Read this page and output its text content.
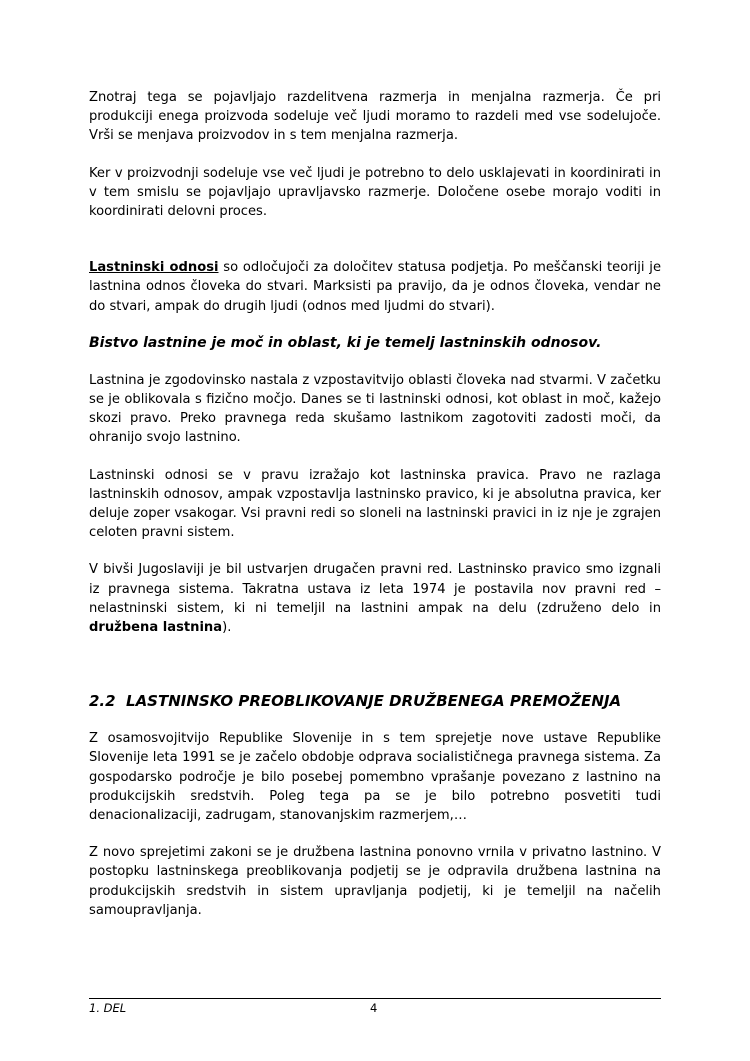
Znotraj tega se pojavljajo razdelitvena razmerja in menjalna razmerja. Če pri produkciji enega proizvoda sodeluje več ljudi moramo to razdeli med vse sodelujoče. Vrši se menjava proizvodov in s tem menjalna razmerja.

Ker v proizvodnji sodeluje vse več ljudi je potrebno to delo usklajevati in koordinirati in v tem smislu se pojavljajo upravljavsko razmerje. Določene osebe morajo voditi in koordinirati delovni proces.

Lastninski odnosi so odločujoči za določitev statusa podjetja. Po meščanski teoriji je lastnina odnos človeka do stvari. Marksisti pa pravijo, da je odnos človeka, vendar ne do stvari, ampak do drugih ljudi (odnos med ljudmi do stvari).

Bistvo lastnine je moč in oblast, ki je temelj lastninskih odnosov.

Lastnina je zgodovinsko nastala z vzpostavitvijo oblasti človeka nad stvarmi. V začetku se je oblikovala s fizično močjo. Danes se ti lastninski odnosi, kot oblast in moč, kažejo skozi pravo. Preko pravnega reda skušamo lastnikom zagotoviti zadosti moči, da ohranijo svojo lastnino.

Lastninski odnosi se v pravu izražajo kot lastninska pravica. Pravo ne razlaga lastninskih odnosov, ampak vzpostavlja lastninsko pravico, ki je absolutna pravica, ker deluje zoper vsakogar. Vsi pravni redi so sloneli na lastninski pravici in iz nje je zgrajen celoten pravni sistem.

V bivši Jugoslaviji je bil ustvarjen drugačen pravni red. Lastninsko pravico smo izgnali iz pravnega sistema. Takratna ustava iz leta 1974 je postavila nov pravni red – nelastninski sistem, ki ni temeljil na lastnini ampak na delu (združeno delo in družbena lastnina).

2.2  LASTNINSKO PREOBLIKOVANJE DRUŽBENEGA PREMOŽENJA

Z osamosvojitvijo Republike Slovenije in s tem sprejetje nove ustave Republike Slovenije leta 1991 se je začelo obdobje odprava socialističnega pravnega sistema. Za gospodarsko področje je bilo posebej pomembno vprašanje povezano z lastnino na produkcijskih sredstvih. Poleg tega pa se je bilo potrebno posvetiti tudi denacionalizaciji, zadrugam, stanovanjskim razmerjem,…

Z novo sprejetimi zakoni se je družbena lastnina ponovno vrnila v privatno lastnino. V postopku lastninskega preoblikovanja podjetij se je odpravila družbena lastnina na produkcijskih sredstvih in sistem upravljanja podjetij, ki je temeljil na načelih samoupravljanja.

1. DEL	4
